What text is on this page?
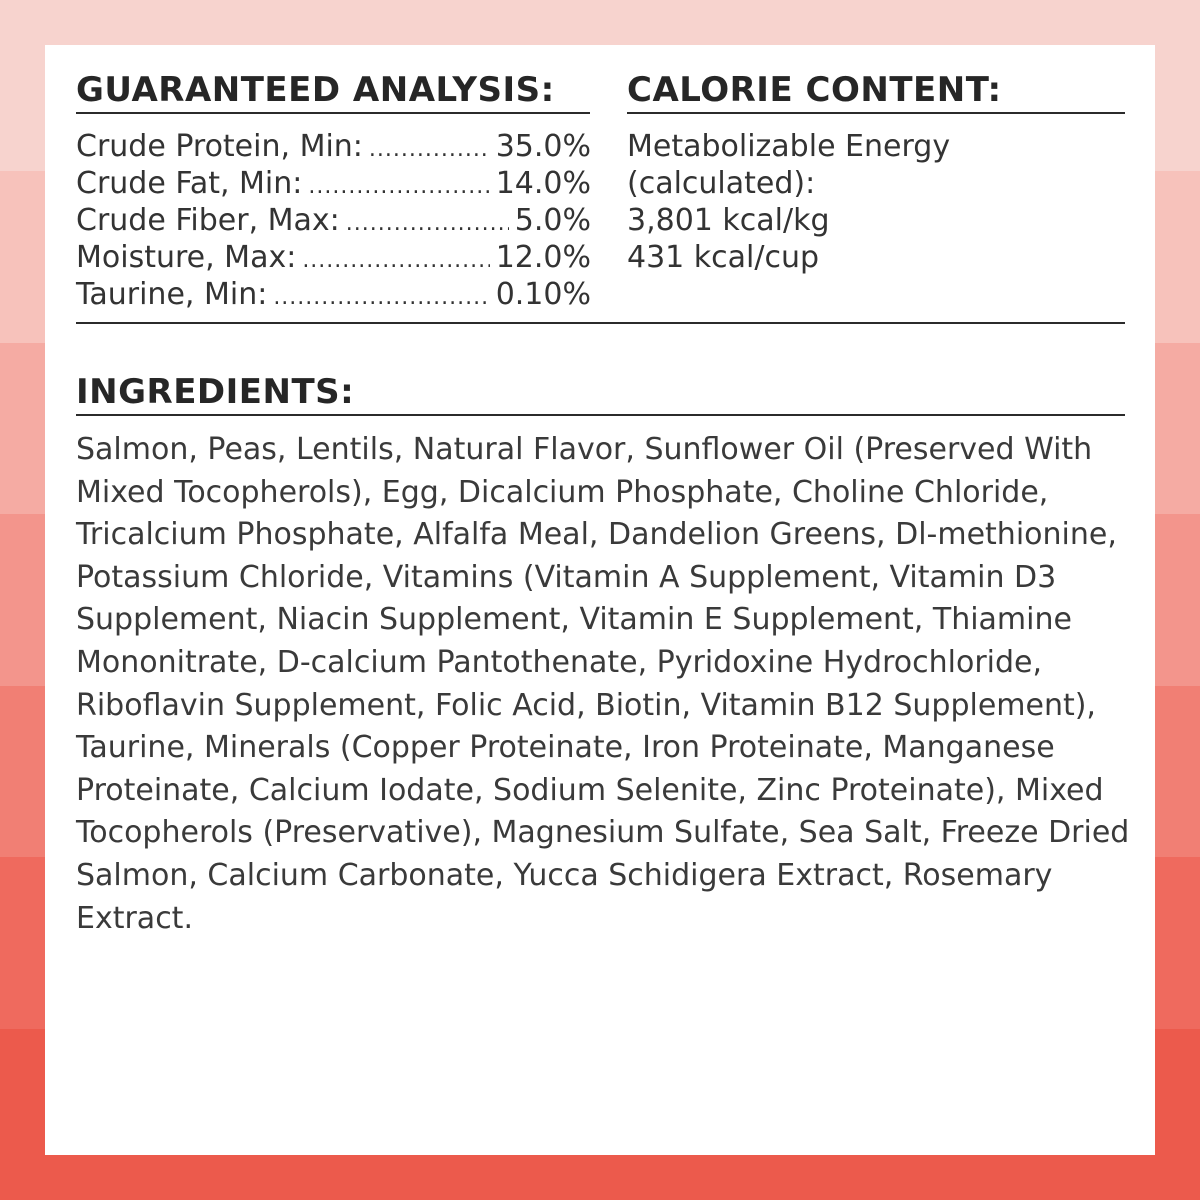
GUARANTEED ANALYSIS:
Crude Protein, Min: .....	35.0%
Crude Fat, Min: .....	14.0%
Crude Fiber, Max: .....	5.0%
Moisture, Max: .....	12.0%
Taurine, Min: .....	0.10%
CALORIE CONTENT:
Metabolizable Energy
(calculated):
3,801 kcal/kg
431 kcal/cup
INGREDIENTS:

Salmon, Peas, Lentils, Natural Flavor, Sunflower Oil (Preserved With Mixed Tocopherols), Egg, Dicalcium Phosphate, Choline Chloride, Tricalcium Phosphate, Alfalfa Meal, Dandelion Greens, Dl-methionine, Potassium Chloride, Vitamins (Vitamin A Supplement, Vitamin D3 Supplement, Niacin Supplement, Vitamin E Supplement, Thiamine Mononitrate, D-calcium Pantothenate, Pyridoxine Hydrochloride, Riboflavin Supplement, Folic Acid, Biotin, Vitamin B12 Supplement), Taurine, Minerals (Copper Proteinate, Iron Proteinate, Manganese Proteinate, Calcium Iodate, Sodium Selenite, Zinc Proteinate), Mixed Tocopherols (Preservative), Magnesium Sulfate, Sea Salt, Freeze Dried Salmon, Calcium Carbonate, Yucca Schidigera Extract, Rosemary Extract.
